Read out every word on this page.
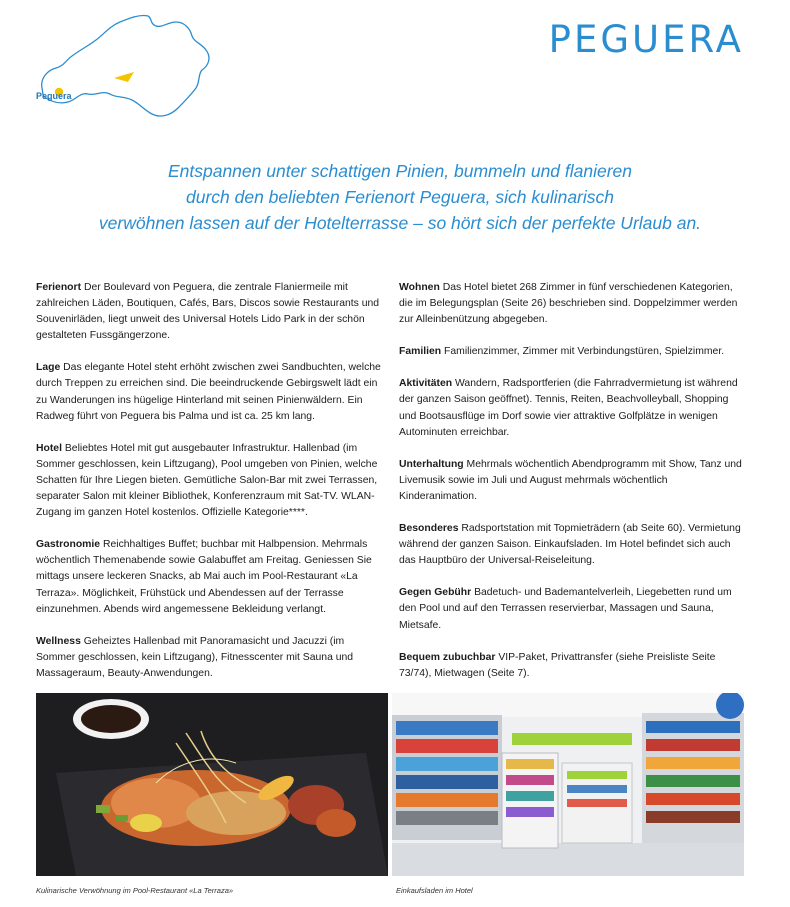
Peguera
PEGUERA
Entspannen unter schattigen Pinien, bummeln und flanieren
durch den beliebten Ferienort Peguera, sich kulinarisch
verwöhnen lassen auf der Hotelterrasse – so hört sich der perfekte Urlaub an.

Ferienort Der Boulevard von Peguera, die zentrale Flaniermeile mit zahlreichen Läden, Boutiquen, Cafés, Bars, Discos sowie Restaurants und Souvenirläden, liegt unweit des Universal Hotels Lido Park in der schön gestalteten Fussgängerzone.

Lage Das elegante Hotel steht erhöht zwischen zwei Sandbuchten, welche durch Treppen zu erreichen sind. Die beeindruckende Gebirgswelt lädt ein zu Wanderungen ins hügelige Hinterland mit seinen Pinienwäldern. Ein Radweg führt von Peguera bis Palma und ist ca. 25 km lang.

Hotel Beliebtes Hotel mit gut ausgebauter Infrastruktur. Hallenbad (im Sommer geschlossen, kein Liftzugang), Pool umgeben von Pinien, welche Schatten für Ihre Liegen bieten. Gemütliche Salon-Bar mit zwei Terrassen, separater Salon mit kleiner Bibliothek, Konferenzraum mit Sat-TV. WLAN-Zugang im ganzen Hotel kostenlos. Offizielle Kategorie****.

Gastronomie Reichhaltiges Buffet; buchbar mit Halbpension. Mehrmals wöchentlich Themenabende sowie Galabuffet am Freitag. Geniessen Sie mittags unsere leckeren Snacks, ab Mai auch im Pool-Restaurant «La Terraza». Möglichkeit, Frühstück und Abendessen auf der Terrasse einzunehmen. Abends wird angemessene Bekleidung verlangt.

Wellness Geheiztes Hallenbad mit Panoramasicht und Jacuzzi (im Sommer geschlossen, kein Liftzugang), Fitnesscenter mit Sauna und Massageraum, Beauty-Anwendungen.

Wohnen Das Hotel bietet 268 Zimmer in fünf verschiedenen Kategorien, die im Belegungsplan (Seite 26) beschrieben sind. Doppelzimmer werden zur Alleinbenützung abgegeben.

Familien Familienzimmer, Zimmer mit Verbindungstüren, Spielzimmer.

Aktivitäten Wandern, Radsportferien (die Fahrradvermietung ist während der ganzen Saison geöffnet). Tennis, Reiten, Beachvolleyball, Shopping und Bootsausflüge im Dorf sowie vier attraktive Golfplätze in wenigen Autominuten erreichbar.

Unterhaltung Mehrmals wöchentlich Abendprogramm mit Show, Tanz und Livemusik sowie im Juli und August mehrmals wöchentlich Kinderanimation.

Besonderes Radsportstation mit Topmieträdern (ab Seite 60). Vermietung während der ganzen Saison. Einkaufsladen. Im Hotel befindet sich auch das Hauptbüro der Universal-Reiseleitung.

Gegen Gebühr Badetuch- und Bademantelverleih, Liegebetten rund um den Pool und auf den Terrassen reservierbar, Massagen und Sauna, Mietsafe.

Bequem zubuchbar VIP-Paket, Privattransfer (siehe Preisliste Seite 73/74), Mietwagen (Seite 7).

Kulinarische Verwöhnung im Pool-Restaurant «La Terraza»	Einkaufsladen im Hotel
